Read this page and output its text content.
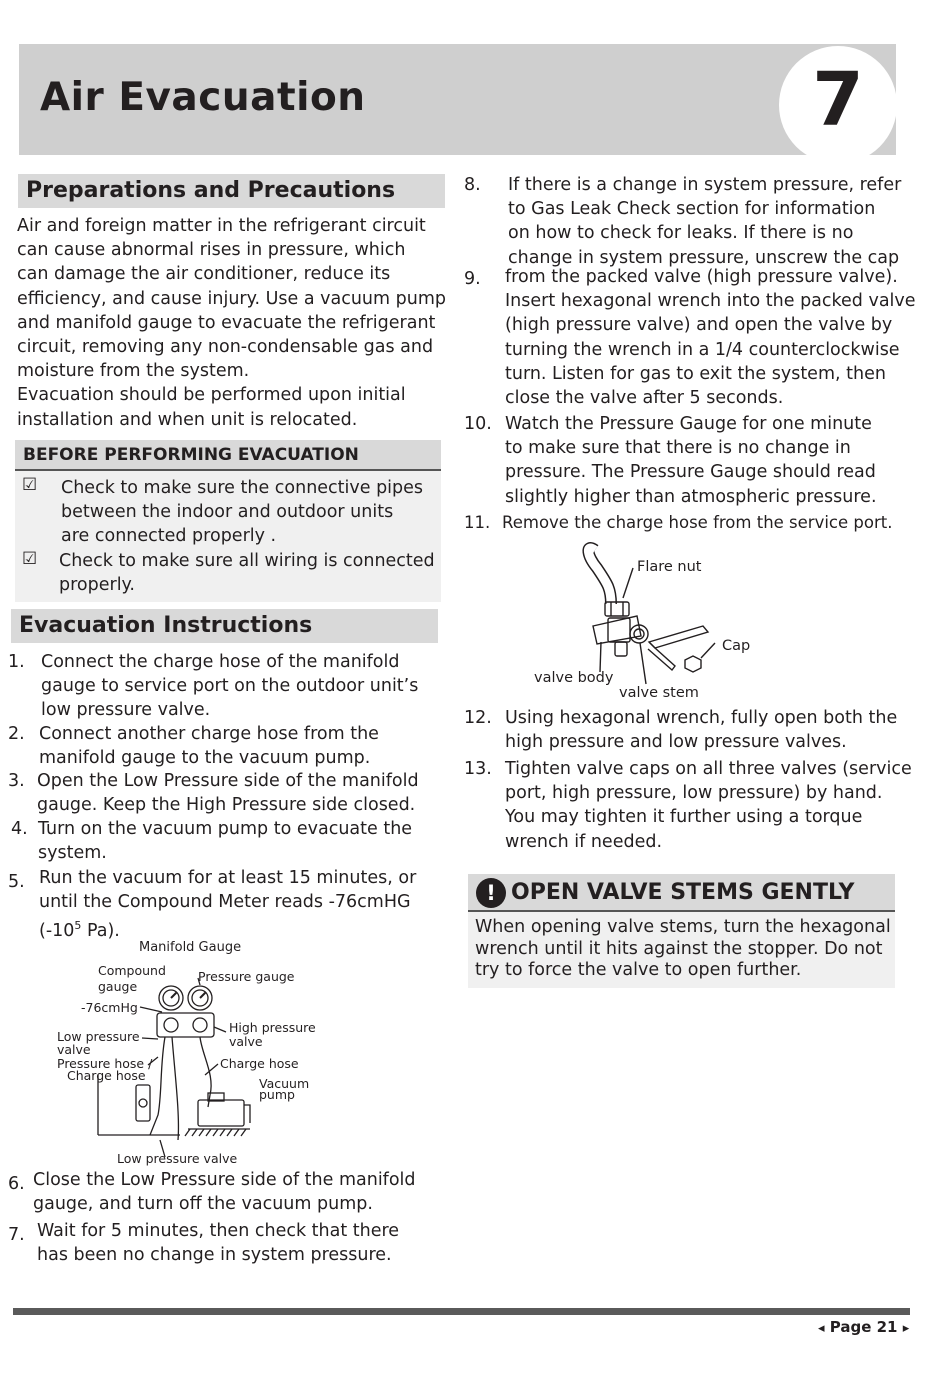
Air Evacuation	7
Preparations and Precautions
Air and foreign matter in the refrigerant circuit
can cause abnormal rises in pressure, which
can damage the air conditioner, reduce its
efficiency, and cause injury. Use a vacuum pump
and manifold gauge to evacuate the refrigerant
circuit, removing any non-condensable gas and
moisture from the system.
Evacuation should be performed upon initial
installation and when unit is relocated.
BEFORE PERFORMING EVACUATION
☑ Check to make sure the connective pipes
between the indoor and outdoor units
are connected properly .
☑ Check to make sure all wiring is connected
properly.
Evacuation Instructions
1. Connect the charge hose of the manifold
gauge to service port on the outdoor unit’s
low pressure valve.
2. Connect another charge hose from the
manifold gauge to the vacuum pump.
3. Open the Low Pressure side of the manifold
gauge. Keep the High Pressure side closed.
4. Turn on the vacuum pump to evacuate the
system.
5. Run the vacuum for at least 15 minutes, or
until the Compound Meter reads -76cmHG
($-10^5$ Pa).
Manifold Gauge
Compound
gauge
Pressure gauge
-76cmHg
Low pressure
valve
High pressure
valve
Pressure hose /
Charge hose
Charge hose
Vacuum
pump
Low pressure valve
6. Close the Low Pressure side of the manifold
gauge, and turn off the vacuum pump.
7. Wait for 5 minutes, then check that there
has been no change in system pressure.
8. If there is a change in system pressure, refer
to Gas Leak Check section for information
on how to check for leaks. If there is no
change in system pressure, unscrew the cap
9. from the packed valve (high pressure valve).
Insert hexagonal wrench into the packed valve
(high pressure valve) and open the valve by
turning the wrench in a 1/4 counterclockwise
turn. Listen for gas to exit the system, then
close the valve after 5 seconds.
10. Watch the Pressure Gauge for one minute
to make sure that there is no change in
pressure. The Pressure Gauge should read
slightly higher than atmospheric pressure.
11. Remove the charge hose from the service port.
Flare nut
Cap
valve body
valve stem
12. Using hexagonal wrench, fully open both the
high pressure and low pressure valves.
13. Tighten valve caps on all three valves (service
port, high pressure, low pressure) by hand.
You may tighten it further using a torque
wrench if needed.
! OPEN VALVE STEMS GENTLY
When opening valve stems, turn the hexagonal
wrench until it hits against the stopper. Do not
try to force the valve to open further.
◂ Page 21 ▸
